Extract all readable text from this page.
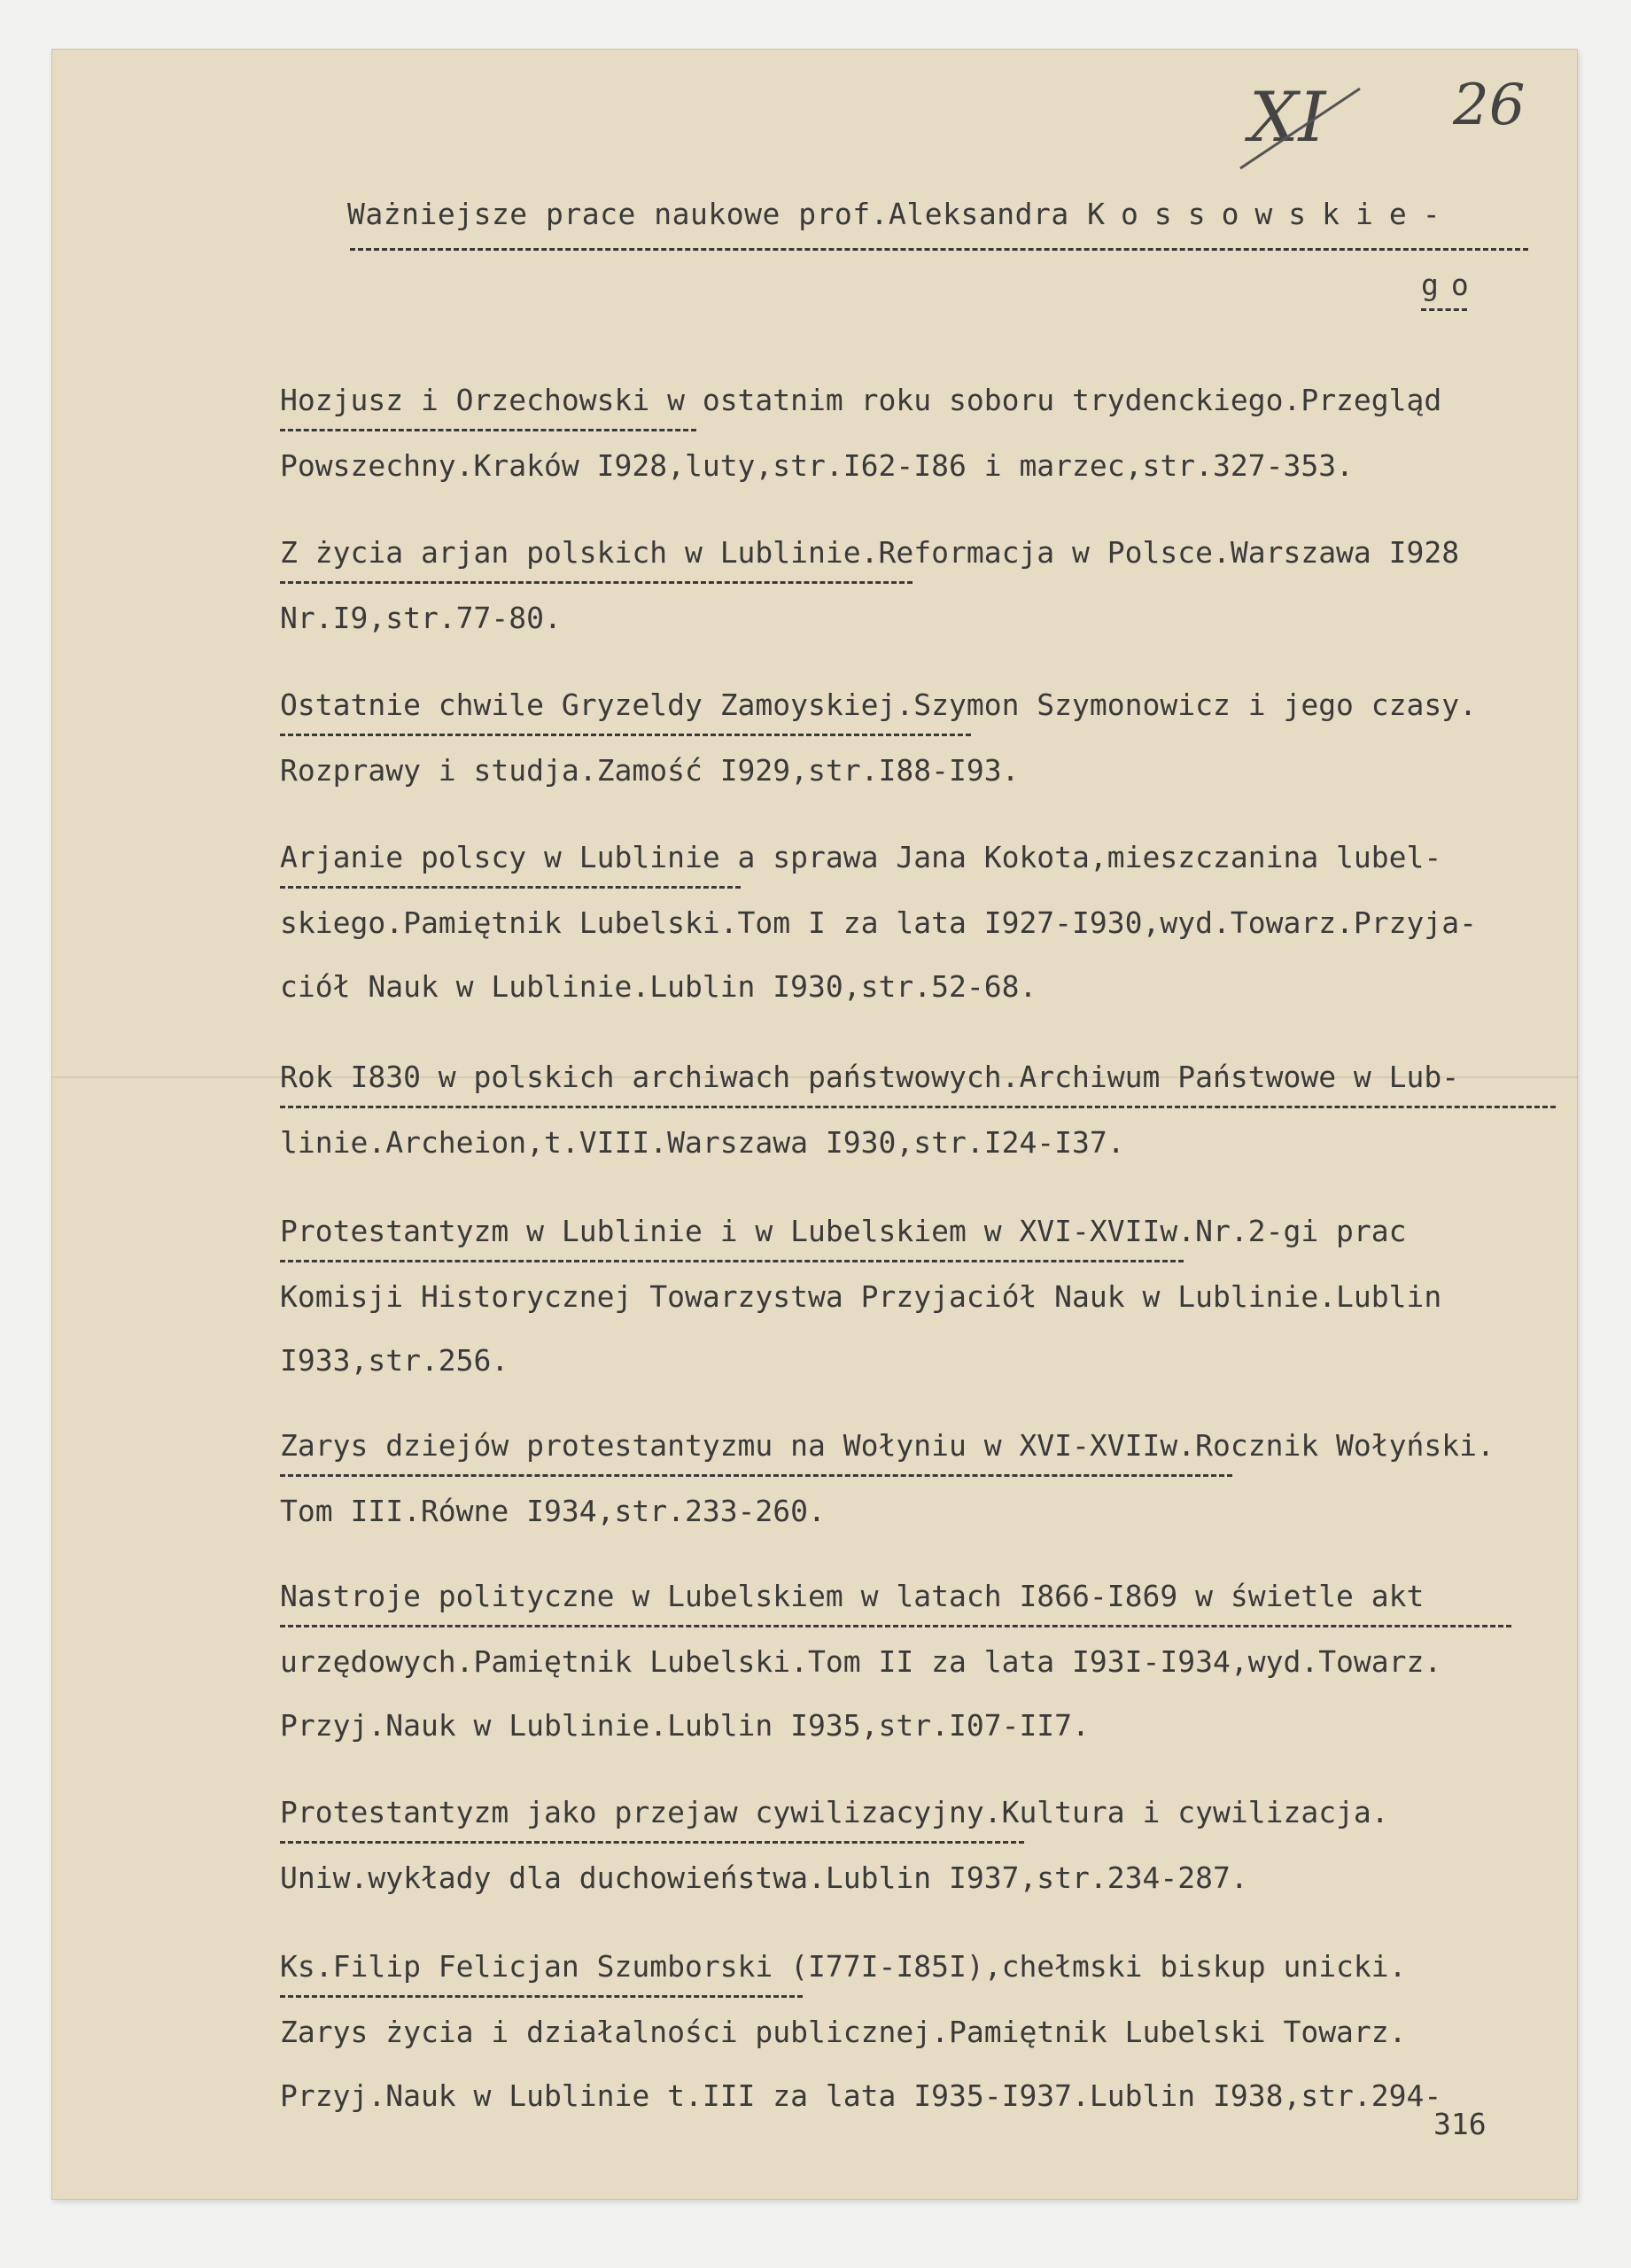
XI 26
Ważniejsze prace naukowe prof.Aleksandra Kossowskie-
go
Hozjusz i Orzechowski w ostatnim roku soboru trydenckiego.Przegląd
Powszechny.Kraków I928,luty,str.I62-I86 i marzec,str.327-353.
Z życia arjan polskich w Lublinie.Reformacja w Polsce.Warszawa I928
Nr.I9,str.77-80.
Ostatnie chwile Gryzeldy Zamoyskiej.Szymon Szymonowicz i jego czasy.
Rozprawy i studja.Zamość I929,str.I88-I93.
Arjanie polscy w Lublinie a sprawa Jana Kokota,mieszczanina lubel-
skiego.Pamiętnik Lubelski.Tom I za lata I927-I930,wyd.Towarz.Przyja-
ciół Nauk w Lublinie.Lublin I930,str.52-68.
Rok I830 w polskich archiwach państwowych.Archiwum Państwowe w Lub-
linie.Archeion,t.VIII.Warszawa I930,str.I24-I37.
Protestantyzm w Lublinie i w Lubelskiem w XVI-XVIIw.Nr.2-gi prac
Komisji Historycznej Towarzystwa Przyjaciół Nauk w Lublinie.Lublin
I933,str.256.
Zarys dziejów protestantyzmu na Wołyniu w XVI-XVIIw.Rocznik Wołyński.
Tom III.Równe I934,str.233-260.
Nastroje polityczne w Lubelskiem w latach I866-I869 w świetle akt
urzędowych.Pamiętnik Lubelski.Tom II za lata I93I-I934,wyd.Towarz.
Przyj.Nauk w Lublinie.Lublin I935,str.I07-II7.
Protestantyzm jako przejaw cywilizacyjny.Kultura i cywilizacja.
Uniw.wykłady dla duchowieństwa.Lublin I937,str.234-287.
Ks.Filip Felicjan Szumborski (I77I-I85I),chełmski biskup unicki.
Zarys życia i działalności publicznej.Pamiętnik Lubelski Towarz.
Przyj.Nauk w Lublinie t.III za lata I935-I937.Lublin I938,str.294-
316
